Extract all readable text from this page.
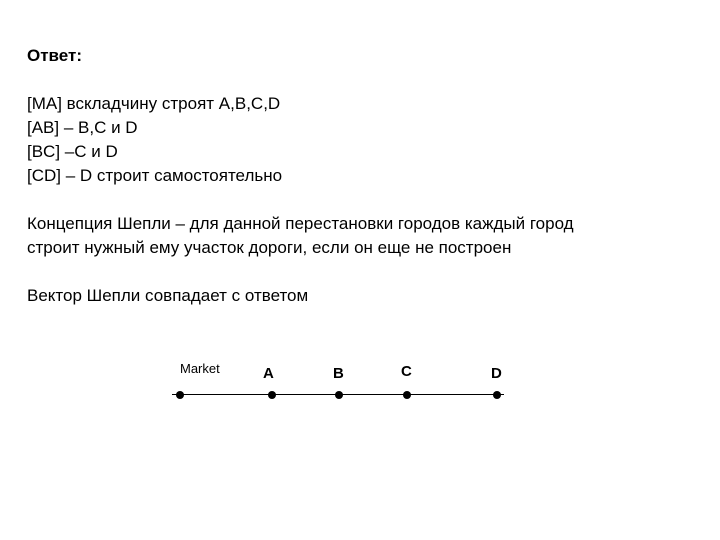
Ответ:
[MA] вскладчину строят A,B,C,D
[AB] – B,C и D
[BC] –C и D
[CD] – D строит самостоятельно
Концепция Шепли – для данной перестановки городов каждый город
строит нужный ему участок дороги, если он еще не построен
Вектор Шепли совпадает с ответом
Market	A	B	C	D
